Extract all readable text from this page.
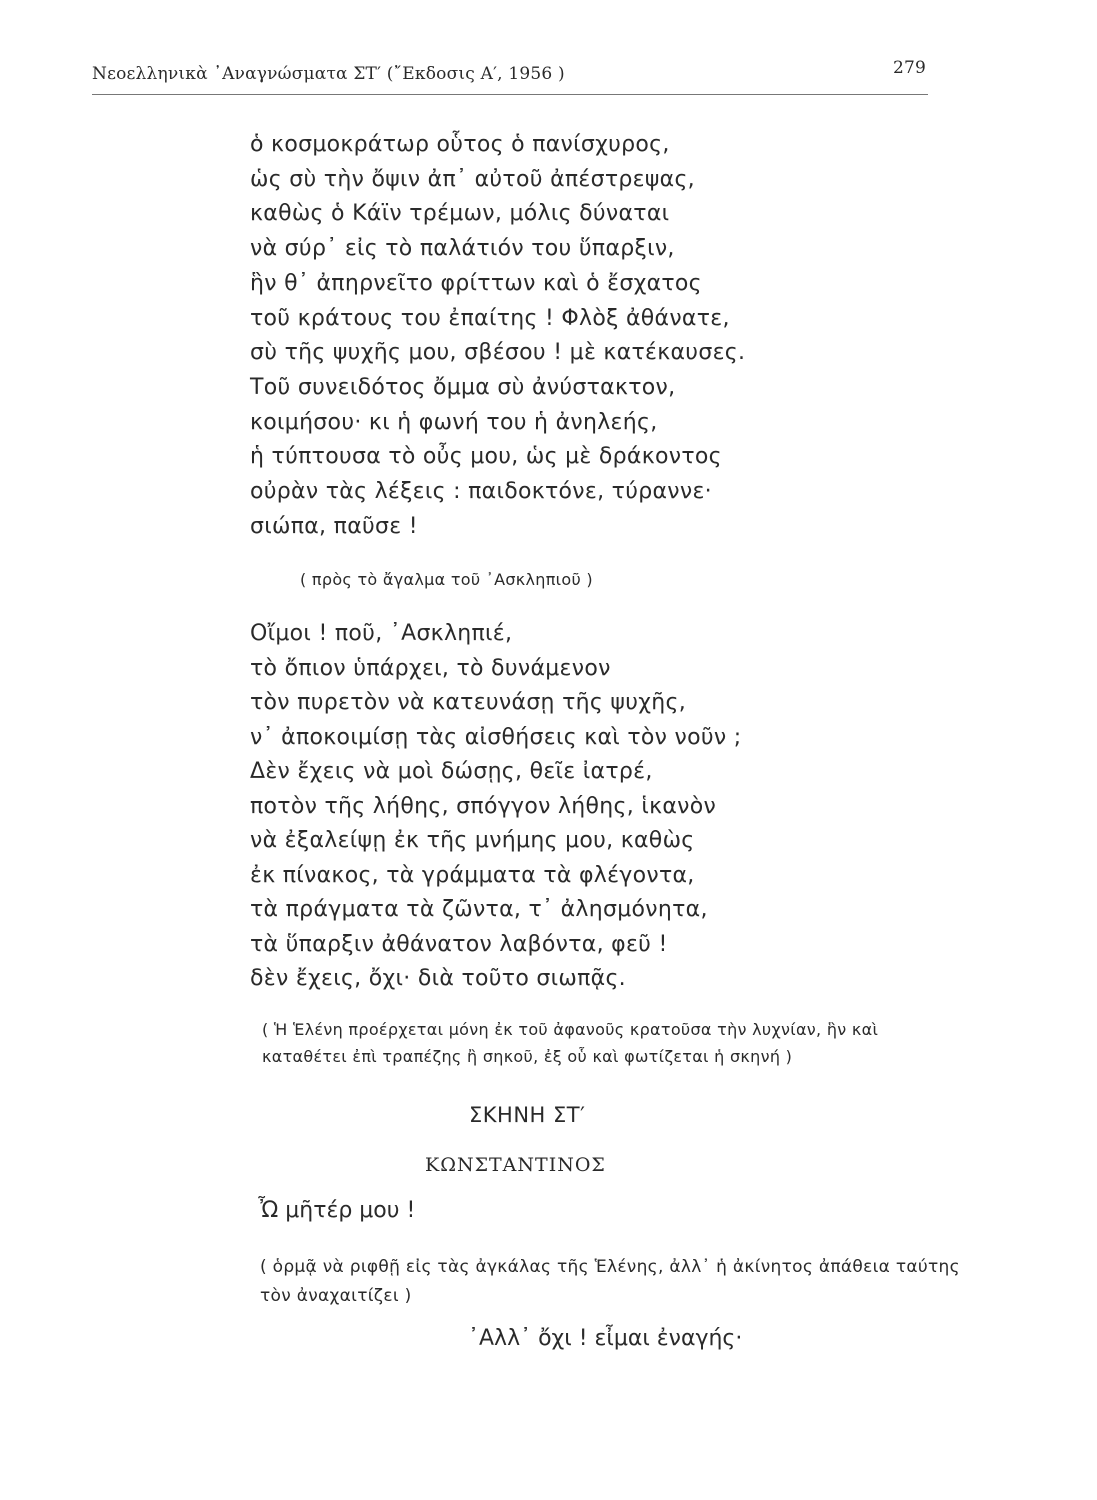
Νεοελληνικὰ ᾿Αναγνώσματα ΣΤ′ (῎Εκδοσις Α′, 1956 )	279
ὁ κοσμοκράτωρ οὗτος ὁ πανίσχυρος,
ὡς σὺ τὴν ὄψιν ἀπ᾿ αὐτοῦ ἀπέστρεψας,
καθὼς ὁ Κάϊν τρέμων, μόλις δύναται
νὰ σύρ᾿ εἰς τὸ παλάτιόν του ὕπαρξιν,
ἣν θ᾿ ἀπηρνεῖτο φρίττων καὶ ὁ ἔσχατος
τοῦ κράτους του ἐπαίτης ! Φλὸξ ἀθάνατε,
σὺ τῆς ψυχῆς μου, σβέσου ! μὲ κατέκαυσες.
Τοῦ συνειδότος ὄμμα σὺ ἀνύστακτον,
κοιμήσου· κι ἡ φωνή του ἡ ἀνηλεής,
ἡ τύπτουσα τὸ οὖς μου, ὡς μὲ δράκοντος
οὐρὰν τὰς λέξεις : παιδοκτόνε, τύραννε·
σιώπα, παῦσε !
( πρὸς τὸ ἄγαλμα τοῦ ᾿Ασκληπιοῦ )
Οἴμοι ! ποῦ, ᾿Ασκληπιέ,
τὸ ὄπιον ὑπάρχει, τὸ δυνάμενον
τὸν πυρετὸν νὰ κατευνάσῃ τῆς ψυχῆς,
ν᾿ ἀποκοιμίσῃ τὰς αἰσθήσεις καὶ τὸν νοῦν ;
Δὲν ἔχεις νὰ μοὶ δώσῃς, θεῖε ἰατρέ,
ποτὸν τῆς λήθης, σπόγγον λήθης, ἱκανὸν
νὰ ἐξαλείψῃ ἐκ τῆς μνήμης μου, καθὼς
ἐκ πίνακος, τὰ γράμματα τὰ φλέγοντα,
τὰ πράγματα τὰ ζῶντα, τ᾿ ἀλησμόνητα,
τὰ ὕπαρξιν ἀθάνατον λαβόντα, φεῦ !
δὲν ἔχεις, ὄχι· διὰ τοῦτο σιωπᾷς.
( Ἡ Ἑλένη προέρχεται μόνη ἐκ τοῦ ἀφανοῦς κρατοῦσα τὴν λυχνίαν, ἣν καὶ καταθέτει ἐπὶ τραπέζης ἢ σηκοῦ, ἐξ οὗ καὶ φωτίζεται ἡ σκηνή )
ΣΚΗΝΗ ΣΤ′
ΚΩΝΣΤΑΝΤΙΝΟΣ
Ὦ μῆτέρ μου !
( ὁρμᾷ νὰ ριφθῇ εἰς τὰς ἀγκάλας τῆς Ἑλένης, ἀλλ᾿ ἡ ἀκίνητος ἀπάθεια ταύτης τὸν ἀναχαιτίζει )
᾿Αλλ᾿ ὄχι ! εἶμαι ἐναγής·
